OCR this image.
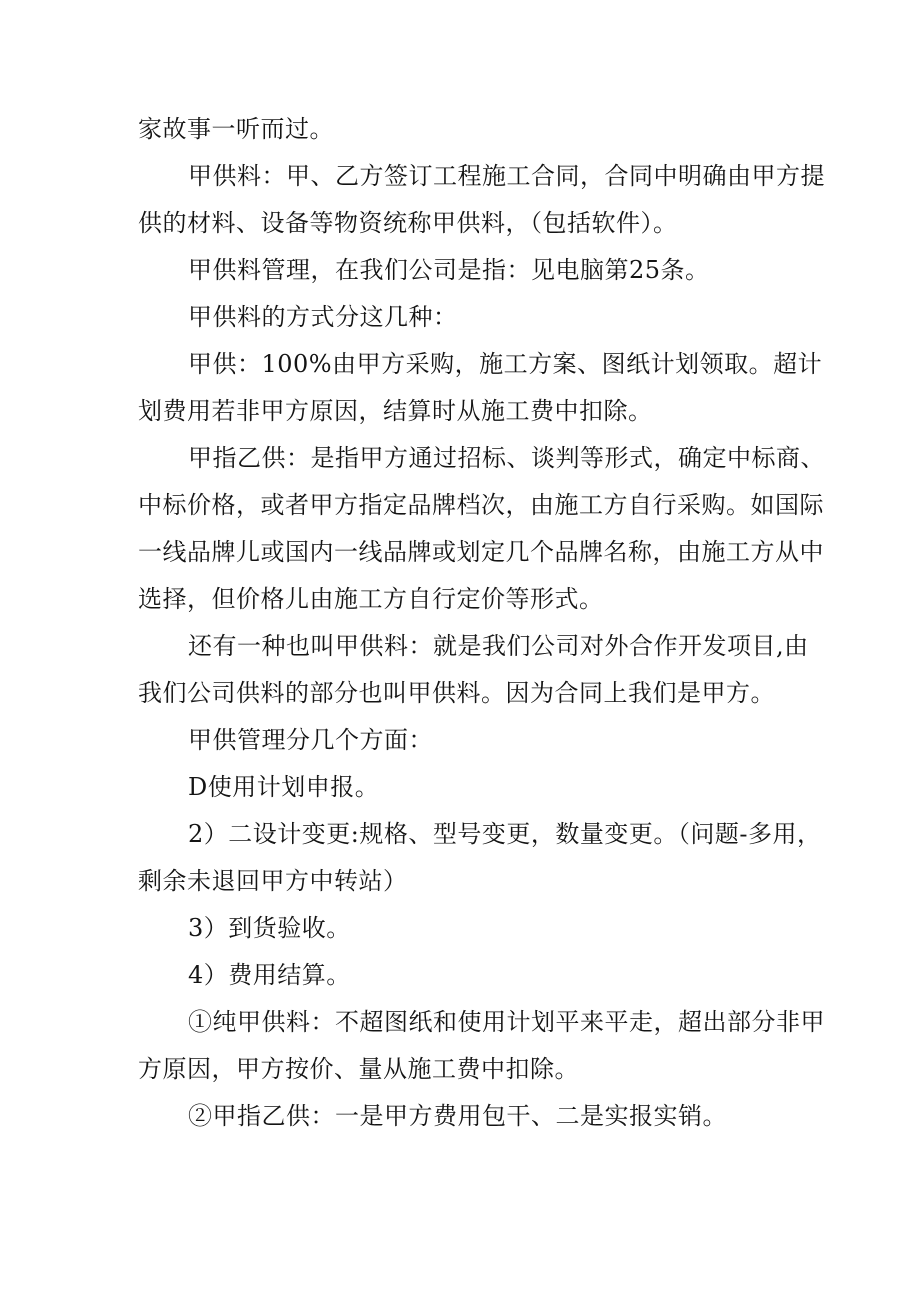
家故事一听而过。

甲供料：甲、乙方签订工程施工合同，合同中明确由甲方提

供的材料、设备等物资统称甲供料，（包括软件）。

甲供料管理，在我们公司是指：见电脑第25条。

甲供料的方式分这几种：

甲供：100%由甲方采购，施工方案、图纸计划领取。超计

划费用若非甲方原因，结算时从施工费中扣除。

甲指乙供：是指甲方通过招标、谈判等形式，确定中标商、

中标价格，或者甲方指定品牌档次，由施工方自行采购。如国际

一线品牌儿或国内一线品牌或划定几个品牌名称，由施工方从中

选择，但价格儿由施工方自行定价等形式。

还有一种也叫甲供料：就是我们公司对外合作开发项目,由

我们公司供料的部分也叫甲供料。因为合同上我们是甲方。

甲供管理分几个方面：

D使用计划申报。

2）二设计变更:规格、型号变更，数量变更。（问题-多用，

剩余未退回甲方中转站）

3）到货验收。

4）费用结算。

①纯甲供料：不超图纸和使用计划平来平走，超出部分非甲

方原因，甲方按价、量从施工费中扣除。

②甲指乙供：一是甲方费用包干、二是实报实销。
